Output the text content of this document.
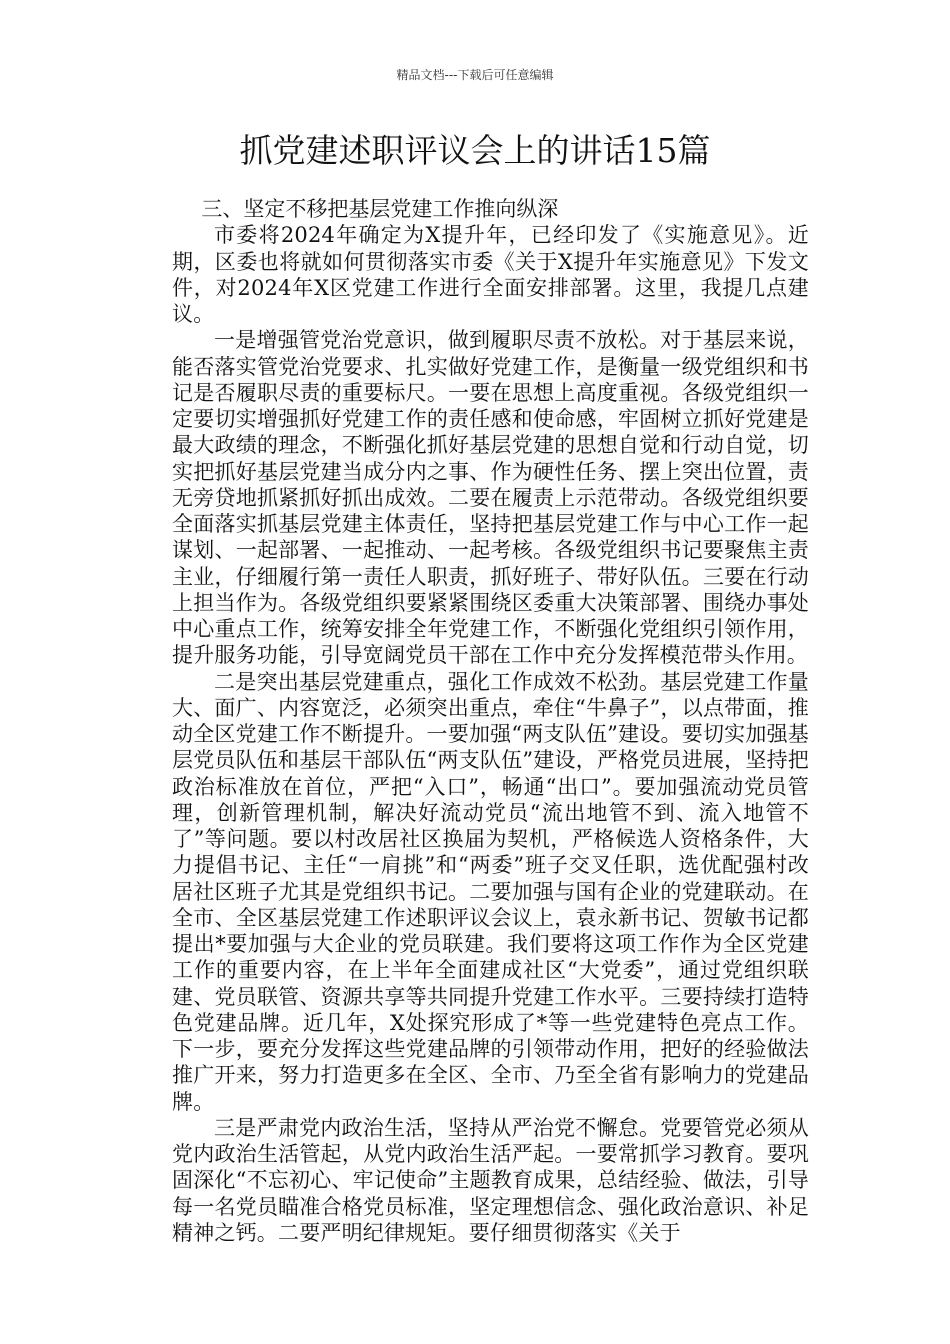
精品文档---下载后可任意编辑
抓党建述职评议会上的讲话15篇

三、坚定不移把基层党建工作推向纵深

市委将2024年确定为X提升年，已经印发了《实施意见》。近期，区委也将就如何贯彻落实市委《关于X提升年实施意见》下发文件，对2024年X区党建工作进行全面安排部署。这里，我提几点建议。

一是增强管党治党意识，做到履职尽责不放松。对于基层来说，能否落实管党治党要求、扎实做好党建工作，是衡量一级党组织和书记是否履职尽责的重要标尺。一要在思想上高度重视。各级党组织一定要切实增强抓好党建工作的责任感和使命感，牢固树立抓好党建是最大政绩的理念，不断强化抓好基层党建的思想自觉和行动自觉，切实把抓好基层党建当成分内之事、作为硬性任务、摆上突出位置，责无旁贷地抓紧抓好抓出成效。二要在履责上示范带动。各级党组织要全面落实抓基层党建主体责任，坚持把基层党建工作与中心工作一起谋划、一起部署、一起推动、一起考核。各级党组织书记要聚焦主责主业，仔细履行第一责任人职责，抓好班子、带好队伍。三要在行动上担当作为。各级党组织要紧紧围绕区委重大决策部署、围绕办事处中心重点工作，统筹安排全年党建工作，不断强化党组织引领作用，提升服务功能，引导宽阔党员干部在工作中充分发挥模范带头作用。

二是突出基层党建重点，强化工作成效不松劲。基层党建工作量大、面广、内容宽泛，必须突出重点，牵住“牛鼻子”，以点带面，推动全区党建工作不断提升。一要加强“两支队伍”建设。要切实加强基层党员队伍和基层干部队伍“两支队伍”建设，严格党员进展，坚持把政治标准放在首位，严把“入口”，畅通“出口”。要加强流动党员管理，创新管理机制，解决好流动党员“流出地管不到、流入地管不了”等问题。要以村改居社区换届为契机，严格候选人资格条件，大力提倡书记、主任“一肩挑”和“两委”班子交叉任职，选优配强村改居社区班子尤其是党组织书记。二要加强与国有企业的党建联动。在全市、全区基层党建工作述职评议会议上，袁永新书记、贺敏书记都提出*要加强与大企业的党员联建。我们要将这项工作作为全区党建工作的重要内容，在上半年全面建成社区“大党委”，通过党组织联建、党员联管、资源共享等共同提升党建工作水平。三要持续打造特色党建品牌。近几年，X处探究形成了*等一些党建特色亮点工作。下一步，要充分发挥这些党建品牌的引领带动作用，把好的经验做法推广开来，努力打造更多在全区、全市、乃至全省有影响力的党建品牌。

三是严肃党内政治生活，坚持从严治党不懈怠。党要管党必须从党内政治生活管起，从党内政治生活严起。一要常抓学习教育。要巩固深化“不忘初心、牢记使命”主题教育成果，总结经验、做法，引导每一名党员瞄准合格党员标准，坚定理想信念、强化政治意识、补足精神之钙。二要严明纪律规矩。要仔细贯彻落实《关于
